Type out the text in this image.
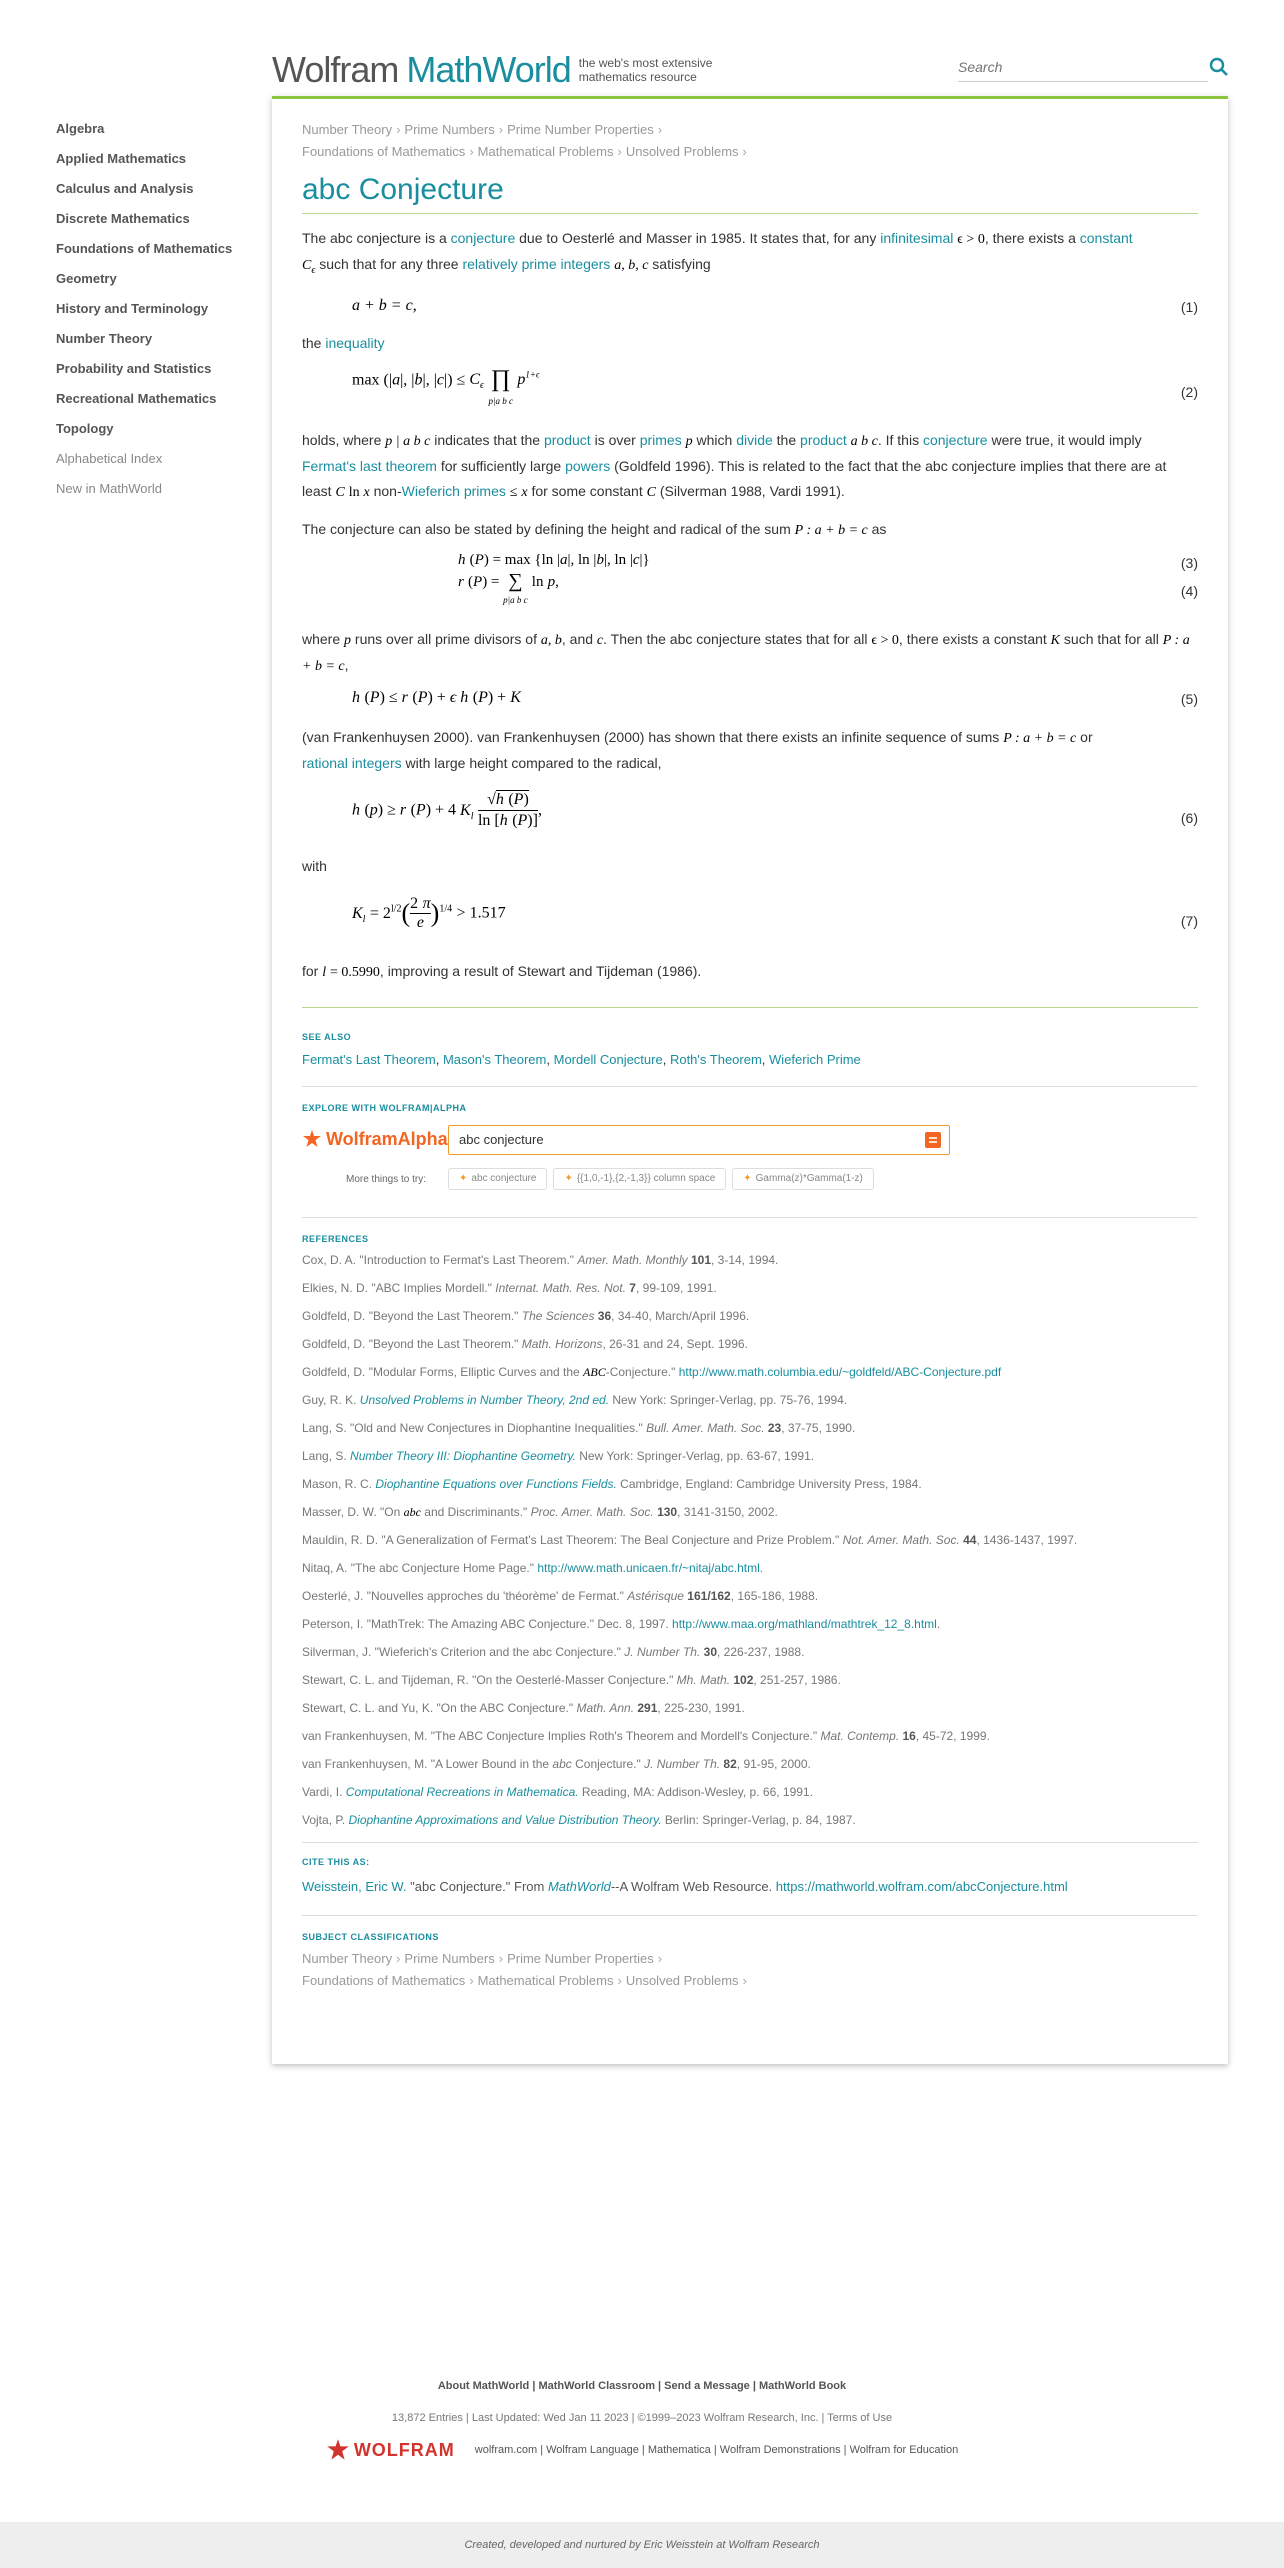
Wolfram MathWorld the web's most extensive mathematics resource
Search
Algebra
Applied Mathematics
Calculus and Analysis
Discrete Mathematics
Foundations of Mathematics
Geometry
History and Terminology
Number Theory
Probability and Statistics
Recreational Mathematics
Topology
Alphabetical Index
New in MathWorld
Number Theory › Prime Numbers › Prime Number Properties ›
Foundations of Mathematics › Mathematical Problems › Unsolved Problems ›
abc Conjecture

The abc conjecture is a conjecture due to Oesterlé and Masser in 1985. It states that, for any infinitesimal ϵ > 0, there exists a constant
$C_\epsilon$ such that for any three relatively prime integers a, b, c satisfying

a + b = c,	(1)

the inequality

max (|a|, |b|, $|c|) \le C_\epsilon$ ∏
p|a b c $p^{1+\epsilon}$
(2)

holds, where p | a b c indicates that the product is over primes p which divide the product a b c. If this conjecture were true, it would imply Fermat's last theorem for sufficiently large powers (Goldfeld 1996). This is related to the fact that the abc conjecture implies that there are at least C ln x non-Wieferich primes ≤ x for some constant C (Silverman 1988, Vardi 1991).

The conjecture can also be stated by defining the height and radical of the sum P : a + b = c as

h (P) = max {ln |a|, ln |b|, ln |c|}	(3)
r (P) = ∑
p|a b c ln p,
(4)

where p runs over all prime divisors of a, b, and c. Then the abc conjecture states that for all ϵ > 0, there exists a constant K such that for all P : a + b = c,

h (P) ≤ r (P) + ϵ h (P) + K	(5)

(van Frankenhuysen 2000). van Frankenhuysen (2000) has shown that there exists an infinite sequence of sums P : a + b = c or
rational integers with large height compared to the radical,

h (p) ≥ r (P) + 4 $K_l \frac{√h (P)}{\ln [h (P)]}$ ,	(6)

with

$K_l = 2^{l/2}( \frac{2 \pi}{e} )^{1/4} > 1.517$	(7)

for l = 0.5990, improving a result of Stewart and Tijdeman (1986).

SEE ALSO
Fermat's Last Theorem, Mason's Theorem, Mordell Conjecture, Roth's Theorem, Wieferich Prime
EXPLORE WITH WOLFRAM|ALPHA
WolframAlpha
abc conjecture
More things to try:	✦ abc conjecture	✦ {{1,0,-1},{2,-1,3}} column space	✦ Gamma(z)*Gamma(1-z)
REFERENCES
Cox, D. A. "Introduction to Fermat's Last Theorem." Amer. Math. Monthly 101, 3-14, 1994.
Elkies, N. D. "ABC Implies Mordell." Internat. Math. Res. Not. 7, 99-109, 1991.
Goldfeld, D. "Beyond the Last Theorem." The Sciences 36, 34-40, March/April 1996.
Goldfeld, D. "Beyond the Last Theorem." Math. Horizons, 26-31 and 24, Sept. 1996.
Goldfeld, D. "Modular Forms, Elliptic Curves and the ABC-Conjecture." http://www.math.columbia.edu/~goldfeld/ABC-Conjecture.pdf
Guy, R. K. Unsolved Problems in Number Theory, 2nd ed. New York: Springer-Verlag, pp. 75-76, 1994.
Lang, S. "Old and New Conjectures in Diophantine Inequalities." Bull. Amer. Math. Soc. 23, 37-75, 1990.
Lang, S. Number Theory III: Diophantine Geometry. New York: Springer-Verlag, pp. 63-67, 1991.
Mason, R. C. Diophantine Equations over Functions Fields. Cambridge, England: Cambridge University Press, 1984.
Masser, D. W. "On abc and Discriminants." Proc. Amer. Math. Soc. 130, 3141-3150, 2002.
Mauldin, R. D. "A Generalization of Fermat's Last Theorem: The Beal Conjecture and Prize Problem." Not. Amer. Math. Soc. 44, 1436-1437, 1997.
Nitaq, A. "The abc Conjecture Home Page." http://www.math.unicaen.fr/~nitaj/abc.html.
Oesterlé, J. "Nouvelles approches du 'théorème' de Fermat." Astérisque 161/162, 165-186, 1988.
Peterson, I. "MathTrek: The Amazing ABC Conjecture." Dec. 8, 1997. http://www.maa.org/mathland/mathtrek_12_8.html.
Silverman, J. "Wieferich's Criterion and the abc Conjecture." J. Number Th. 30, 226-237, 1988.
Stewart, C. L. and Tijdeman, R. "On the Oesterlé-Masser Conjecture." Mh. Math. 102, 251-257, 1986.
Stewart, C. L. and Yu, K. "On the ABC Conjecture." Math. Ann. 291, 225-230, 1991.
van Frankenhuysen, M. "The ABC Conjecture Implies Roth's Theorem and Mordell's Conjecture." Mat. Contemp. 16, 45-72, 1999.
van Frankenhuysen, M. "A Lower Bound in the abc Conjecture." J. Number Th. 82, 91-95, 2000.
Vardi, I. Computational Recreations in Mathematica. Reading, MA: Addison-Wesley, p. 66, 1991.
Vojta, P. Diophantine Approximations and Value Distribution Theory. Berlin: Springer-Verlag, p. 84, 1987.
CITE THIS AS:
Weisstein, Eric W. "abc Conjecture." From MathWorld--A Wolfram Web Resource. https://mathworld.wolfram.com/abcConjecture.html
SUBJECT CLASSIFICATIONS
Number Theory › Prime Numbers › Prime Number Properties ›
Foundations of Mathematics › Mathematical Problems › Unsolved Problems ›
About MathWorld | MathWorld Classroom | Send a Message | MathWorld Book
13,872 Entries | Last Updated: Wed Jan 11 2023 | ©1999–2023 Wolfram Research, Inc. | Terms of Use
WOLFRAM wolfram.com | Wolfram Language | Mathematica | Wolfram Demonstrations | Wolfram for Education
Created, developed and nurtured by Eric Weisstein at Wolfram Research
